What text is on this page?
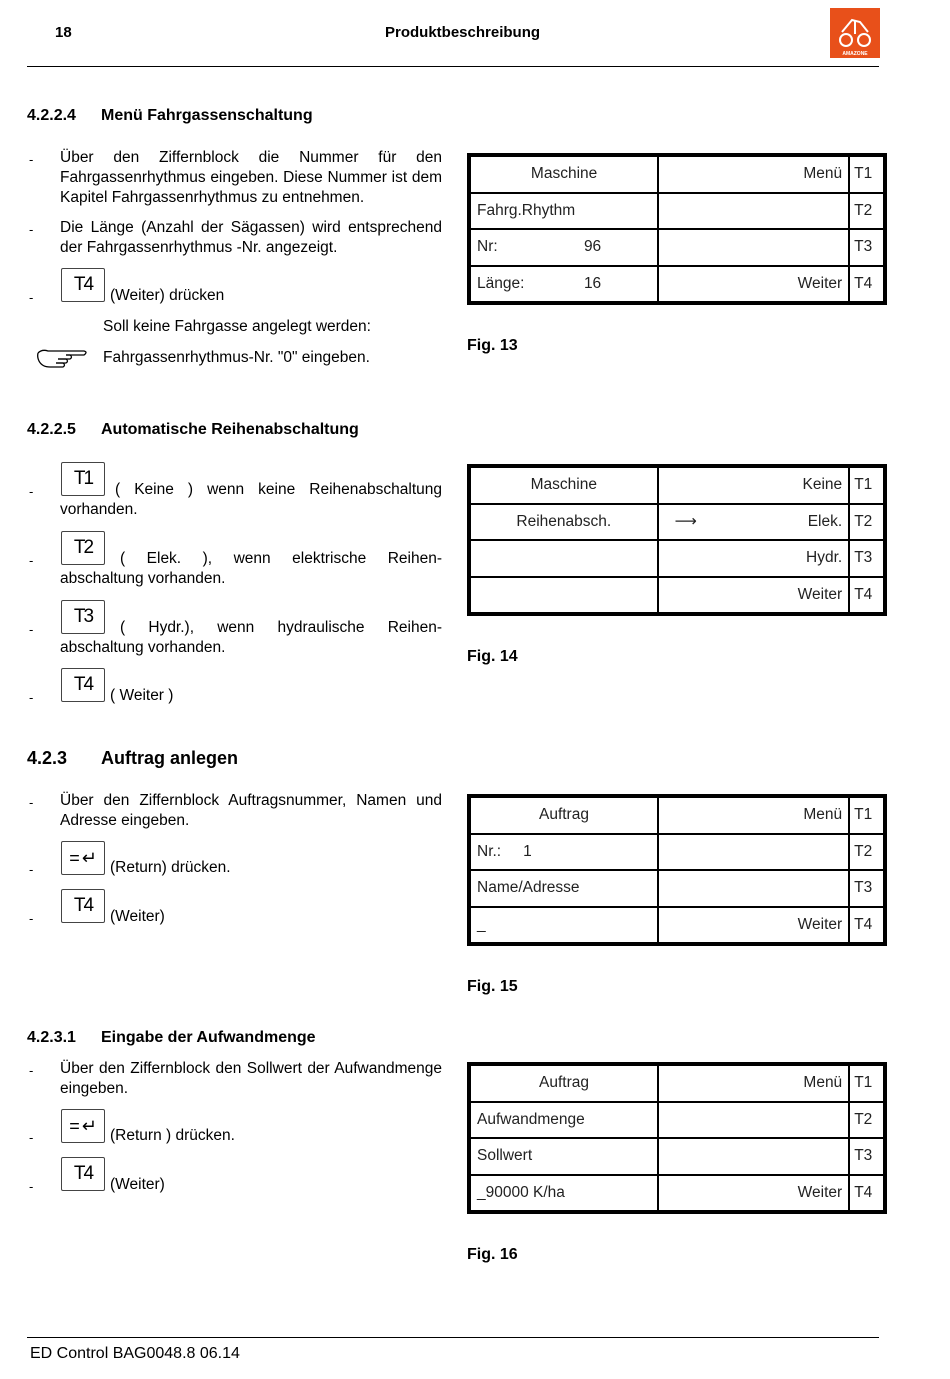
18	Produktbeschreibung
AMAZONE
4.2.2.4 Menü Fahrgassenschaltung
- Über den Ziffernblock die Nummer für den Fahrgassenrhythmus eingeben. Diese Nummer ist dem Kapitel Fahrgassenrhythmus zu entnehmen.
- Die Länge (Anzahl der Sägassen) wird entsprechend der Fahrgassenrhythmus -Nr. angezeigt.
-
T4
(Weiter) drücken
Soll keine Fahrgasse angelegt werden:
Fahrgassenrhythmus-Nr. "0" eingeben.
Maschine	Menü	T1
Fahrg.Rhythm		T2

Nr: 96		T3

Länge: 16	Weiter	T4
Fig. 13
4.2.2.5 Automatische Reihenabschaltung
-
T1
( Keine ) wenn keine Reihenabschaltung
vorhanden.
-
T2
( Elek. ), wenn elektrische Reihen-
abschaltung vorhanden.
-
T3
( Hydr.), wenn hydraulische Reihen-
abschaltung vorhanden.
-
T4
( Weiter )
Maschine	Keine	T1
Reihenabsch.	⟶ Elek.	T2
	Hydr.	T3
	Weiter	T4
Fig. 14
4.2.3 Auftrag anlegen
- Über den Ziffernblock Auftragsnummer, Namen und Adresse eingeben.
-
= ↵ (Return) drücken.
-
T4
(Weiter)
Auftrag	Menü	T1
Nr.: 1		T2
Name/Adresse		T3
_	Weiter	T4
Fig. 15
4.2.3.1 Eingabe der Aufwandmenge
- Über den Ziffernblock den Sollwert der Aufwandmenge eingeben.
-
= ↵ (Return ) drücken.
-
T4
(Weiter)
Auftrag	Menü	T1
Aufwandmenge		T2
Sollwert		T3
_90000 K/ha	Weiter	T4
Fig. 16
ED Control BAG0048.8 06.14
